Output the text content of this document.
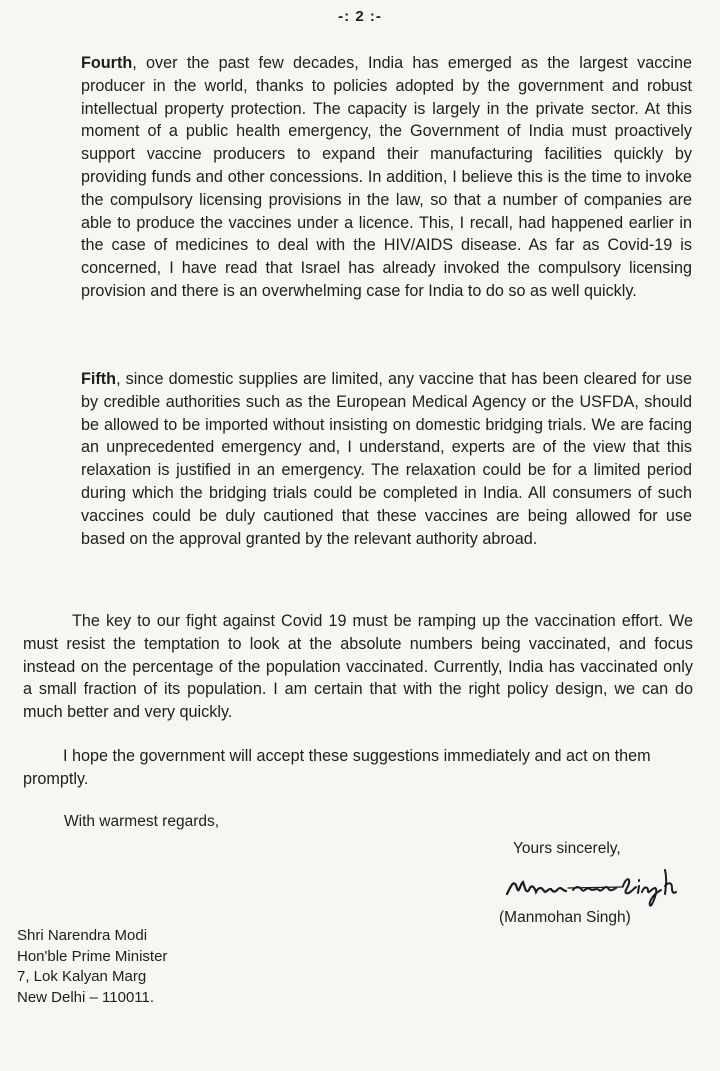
-: 2 :-

Fourth, over the past few decades, India has emerged as the largest vaccine producer in the world, thanks to policies adopted by the government and robust intellectual property protection. The capacity is largely in the private sector. At this moment of a public health emergency, the Government of India must proactively support vaccine producers to expand their manufacturing facilities quickly by providing funds and other concessions. In addition, I believe this is the time to invoke the compulsory licensing provisions in the law, so that a number of companies are able to produce the vaccines under a licence. This, I recall, had happened earlier in the case of medicines to deal with the HIV/AIDS disease. As far as Covid-19 is concerned, I have read that Israel has already invoked the compulsory licensing provision and there is an overwhelming case for India to do so as well quickly.

Fifth, since domestic supplies are limited, any vaccine that has been cleared for use by credible authorities such as the European Medical Agency or the USFDA, should be allowed to be imported without insisting on domestic bridging trials. We are facing an unprecedented emergency and, I understand, experts are of the view that this relaxation is justified in an emergency. The relaxation could be for a limited period during which the bridging trials could be completed in India. All consumers of such vaccines could be duly cautioned that these vaccines are being allowed for use based on the approval granted by the relevant authority abroad.

The key to our fight against Covid 19 must be ramping up the vaccination effort. We must resist the temptation to look at the absolute numbers being vaccinated, and focus instead on the percentage of the population vaccinated. Currently, India has vaccinated only a small fraction of its population. I am certain that with the right policy design, we can do much better and very quickly.

I hope the government will accept these suggestions immediately and act on them promptly.

With warmest regards,
Yours sincerely,
(Manmohan Singh)
Shri Narendra Modi
Hon'ble Prime Minister
7, Lok Kalyan Marg
New Delhi – 110011.
